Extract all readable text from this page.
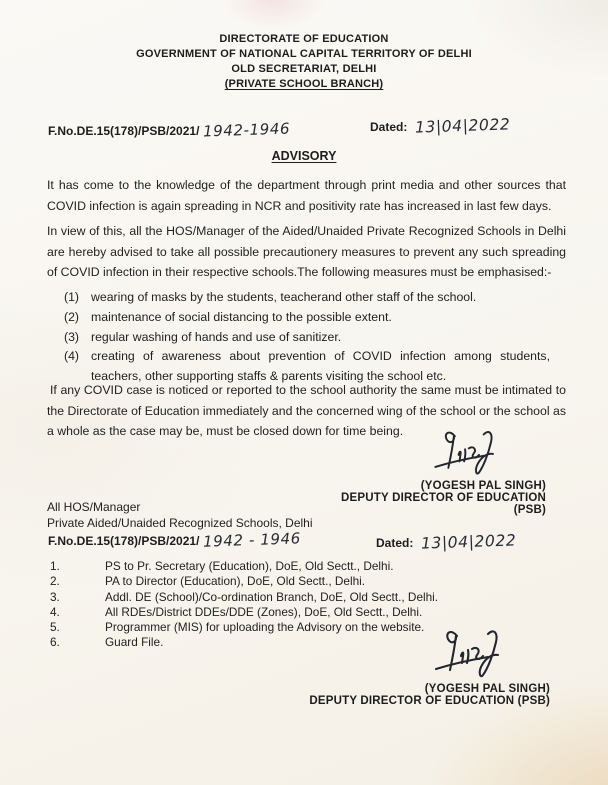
DIRECTORATE OF EDUCATION
GOVERNMENT OF NATIONAL CAPITAL TERRITORY OF DELHI
OLD SECRETARIAT, DELHI
(PRIVATE SCHOOL BRANCH)
F.No.DE.15(178)/PSB/2021/ 1942-1946	Dated: 13|04|2022
ADVISORY
It has come to the knowledge of the department through print media and other sources that COVID infection is again spreading in NCR and positivity rate has increased in last few days.
In view of this, all the HOS/Manager of the Aided/Unaided Private Recognized Schools in Delhi are hereby advised to take all possible precautionery measures to prevent any such spreading of COVID infection in their respective schools.The following measures must be emphasised:-
(1) wearing of masks by the students, teacherand other staff of the school.
(2) maintenance of social distancing to the possible extent.
(3) regular washing of hands and use of sanitizer.
(4) creating of awareness about prevention of COVID infection among students, teachers, other supporting staffs & parents visiting the school etc.
If any COVID case is noticed or reported to the school authority the same must be intimated to the Directorate of Education immediately and the concerned wing of the school or the school as a whole as the case may be, must be closed down for time being.
(YOGESH PAL SINGH)
DEPUTY DIRECTOR OF EDUCATION (PSB)
All HOS/Manager
Private Aided/Unaided Recognized Schools, Delhi
F.No.DE.15(178)/PSB/2021/ 1942 - 1946	Dated: 13|04|2022
1.	PS to Pr. Secretary (Education), DoE, Old Sectt., Delhi.
2.	PA to Director (Education), DoE, Old Sectt., Delhi.
3.	Addl. DE (School)/Co-ordination Branch, DoE, Old Sectt., Delhi.
4.	All RDEs/District DDEs/DDE (Zones), DoE, Old Sectt., Delhi.
5.	Programmer (MIS) for uploading the Advisory on the website.
6.	Guard File.
(YOGESH PAL SINGH)
DEPUTY DIRECTOR OF EDUCATION (PSB)
